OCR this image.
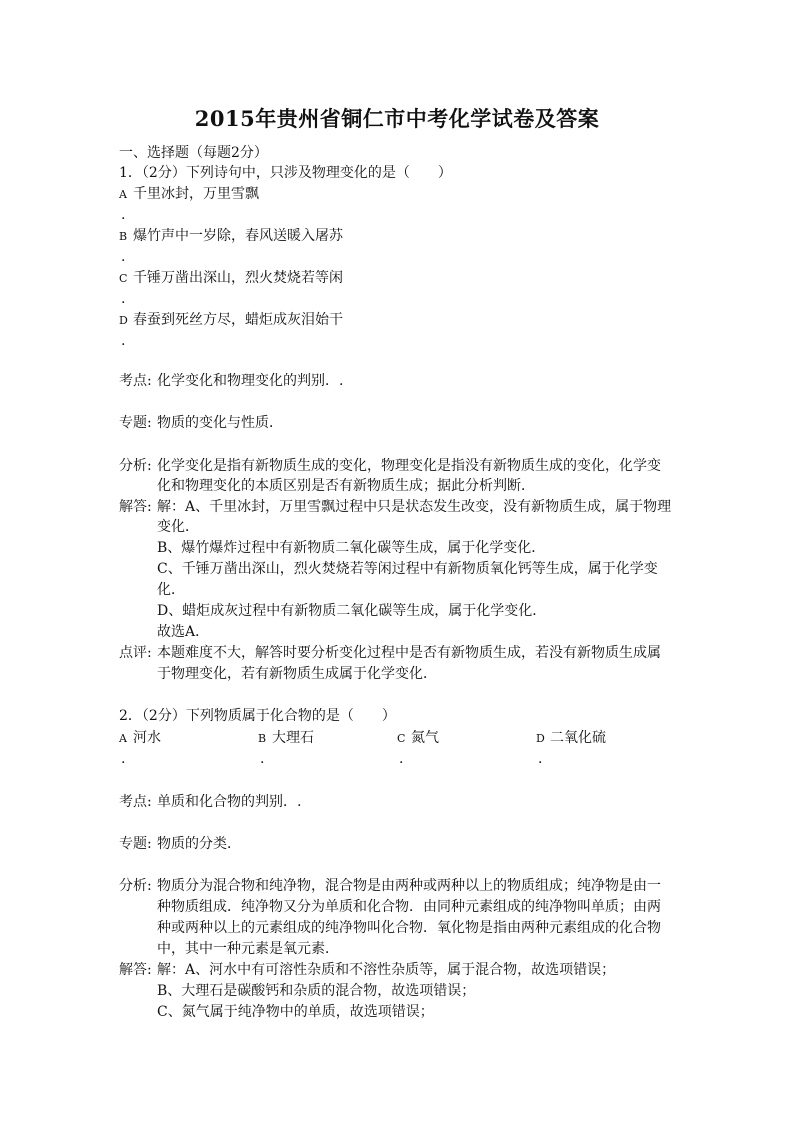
2015年贵州省铜仁市中考化学试卷及答案
一、选择题（每题2分）
1．（2分）下列诗句中，只涉及物理变化的是（　　）
A 千里冰封，万里雪飘
.
B 爆竹声中一岁除，春风送暖入屠苏
.
C 千锤万凿出深山，烈火焚烧若等闲
.
D 春蚕到死丝方尽，蜡炬成灰泪始干
.
考点: 化学变化和物理变化的判别．.
专题: 物质的变化与性质．
分析: 化学变化是指有新物质生成的变化，物理变化是指没有新物质生成的变化，化学变
化和物理变化的本质区别是否有新物质生成；据此分析判断．
解答: 解：A、千里冰封，万里雪飘过程中只是状态发生改变，没有新物质生成，属于物理
变化．
B、爆竹爆炸过程中有新物质二氧化碳等生成，属于化学变化．
C、千锤万凿出深山，烈火焚烧若等闲过程中有新物质氧化钙等生成，属于化学变
化．
D、蜡炬成灰过程中有新物质二氧化碳等生成，属于化学变化．
故选A．
点评: 本题难度不大，解答时要分析变化过程中是否有新物质生成，若没有新物质生成属
于物理变化，若有新物质生成属于化学变化．
2．（2分）下列物质属于化合物的是（　　）
A 河水	B 大理石	C 氮气	D 二氧化硫
.	.	.	.
考点: 单质和化合物的判别．.
专题: 物质的分类．
分析: 物质分为混合物和纯净物，混合物是由两种或两种以上的物质组成；纯净物是由一
种物质组成．纯净物又分为单质和化合物．由同种元素组成的纯净物叫单质；由两
种或两种以上的元素组成的纯净物叫化合物．氧化物是指由两种元素组成的化合物
中，其中一种元素是氧元素．
解答: 解：A、河水中有可溶性杂质和不溶性杂质等，属于混合物，故选项错误；
B、大理石是碳酸钙和杂质的混合物，故选项错误；
C、氮气属于纯净物中的单质，故选项错误；
